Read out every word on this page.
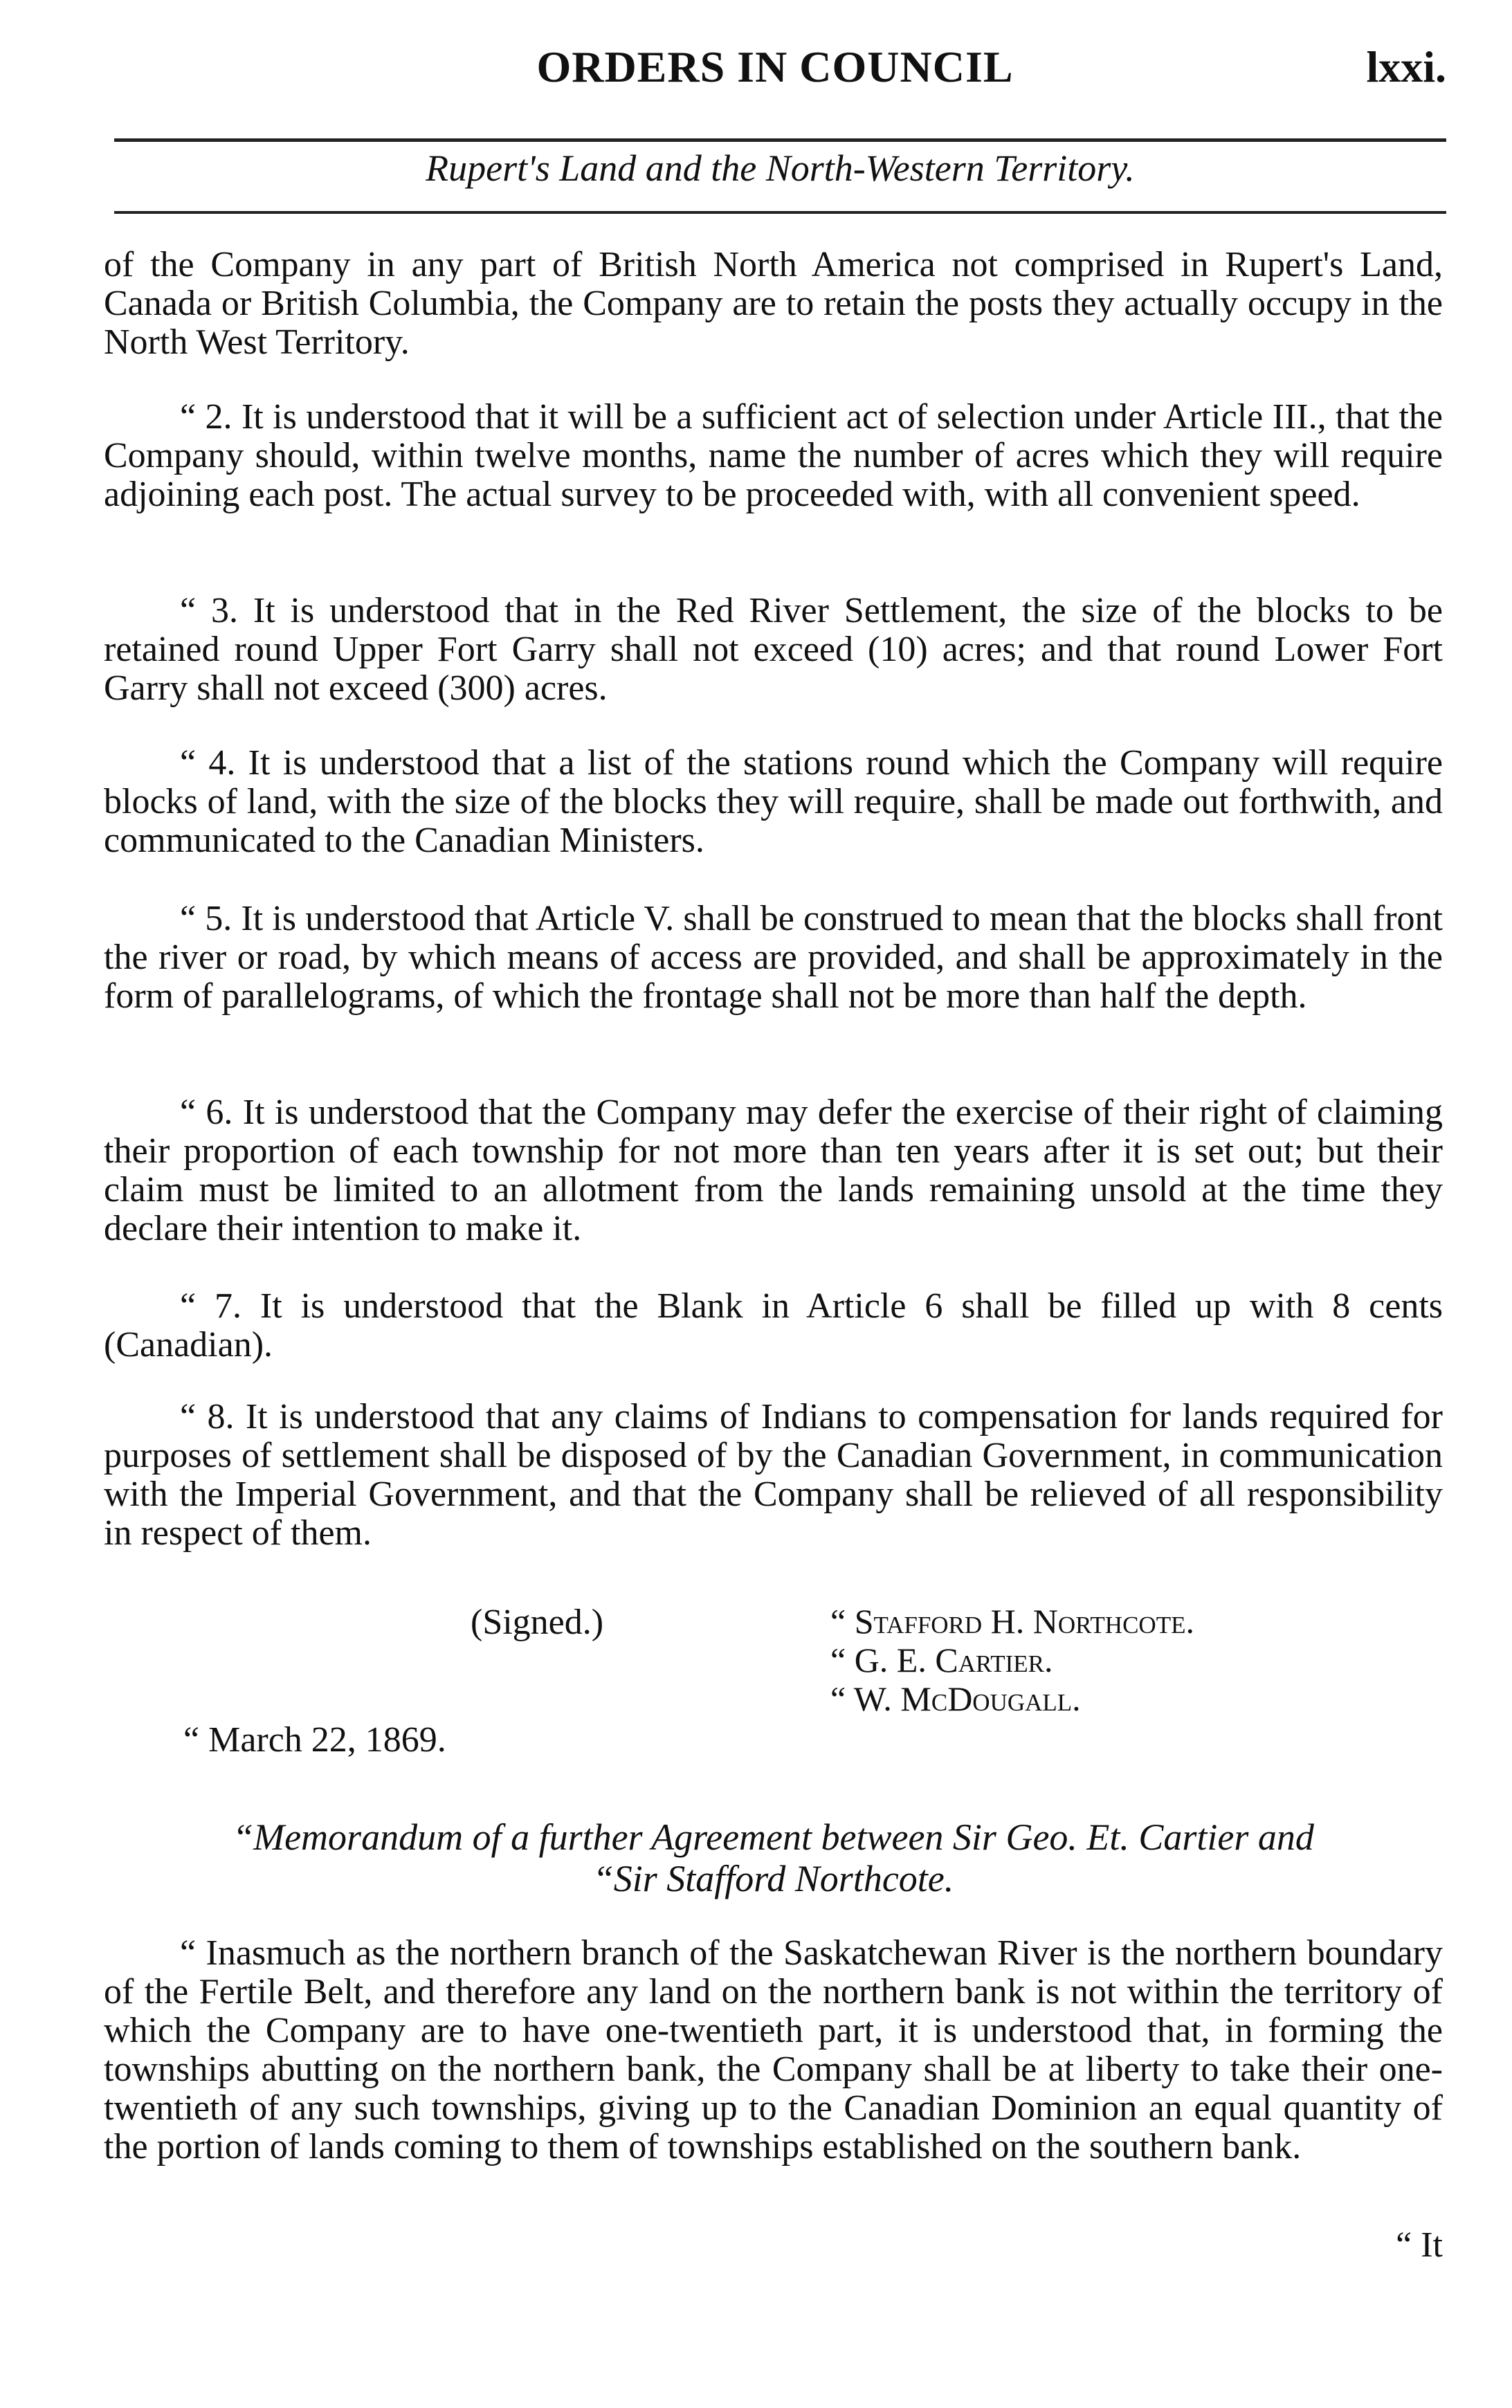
ORDERS IN COUNCIL	lxxi.
Rupert's Land and the North-Western Territory.

of the Company in any part of British North America not comprised in Rupert's Land, Canada or British Columbia, the Company are to retain the posts they actually occupy in the North West Territory.

“ 2. It is understood that it will be a sufficient act of selection under Article III., that the Company should, within twelve months, name the number of acres which they will require adjoining each post. The actual survey to be proceeded with, with all convenient speed.

“ 3. It is understood that in the Red River Settlement, the size of the blocks to be retained round Upper Fort Garry shall not exceed (10) acres; and that round Lower Fort Garry shall not exceed (300) acres.

“ 4. It is understood that a list of the stations round which the Company will require blocks of land, with the size of the blocks they will require, shall be made out forthwith, and communicated to the Canadian Ministers.

“ 5. It is understood that Article V. shall be construed to mean that the blocks shall front the river or road, by which means of access are provided, and shall be approximately in the form of parallelograms, of which the frontage shall not be more than half the depth.

“ 6. It is understood that the Company may defer the exercise of their right of claiming their proportion of each township for not more than ten years after it is set out; but their claim must be limited to an allotment from the lands remaining unsold at the time they declare their intention to make it.

“ 7. It is understood that the Blank in Article 6 shall be filled up with 8 cents (Canadian).

“ 8. It is understood that any claims of Indians to compensation for lands required for purposes of settlement shall be disposed of by the Canadian Government, in communication with the Imperial Government, and that the Company shall be relieved of all responsibility in respect of them.

(Signed.)	“ Stafford H. Northcote.
“ G. E. Cartier.
“ W. McDougall.
“ March 22, 1869.
“Memorandum of a further Agreement between Sir Geo. Et. Cartier and
“Sir Stafford Northcote.

“ Inasmuch as the northern branch of the Saskatchewan River is the northern boundary of the Fertile Belt, and therefore any land on the northern bank is not within the territory of which the Company are to have one-twentieth part, it is understood that, in forming the townships abutting on the northern bank, the Company shall be at liberty to take their one-twentieth of any such townships, giving up to the Canadian Dominion an equal quantity of the portion of lands coming to them of townships established on the southern bank.

“ It
